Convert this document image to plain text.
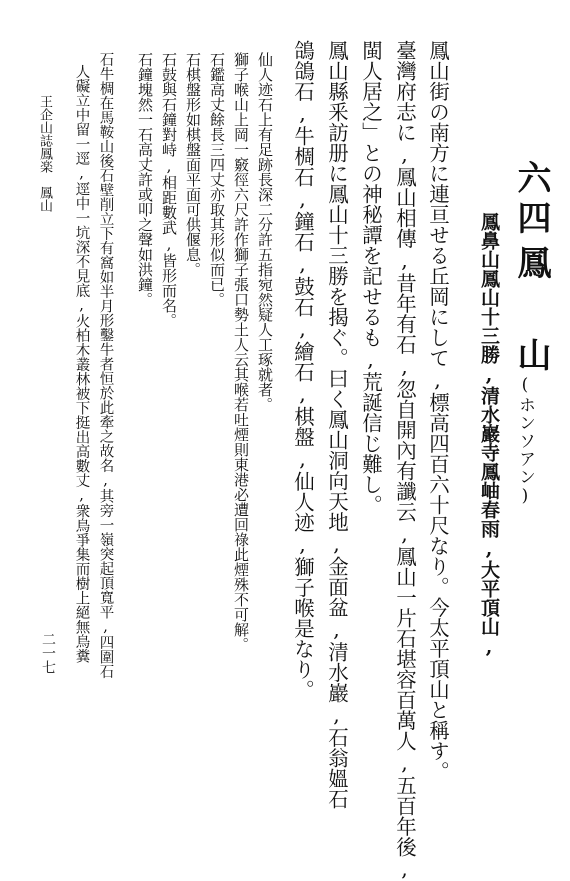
六四
鳳　山
(ホンソアン)
鳳鼻山鳳山十三勝,清水巖寺鳳岫春雨,大平頂山,
鳳山街の南方に連亘せる丘岡にして,標高四百六十尺なり。今太平頂山と稱す。
臺灣府志に,鳳山相傳,昔年有石,忽自開內有讖云,鳳山一片石堪容百萬人,五百年後,
閩人居之」との神秘譚を記せるも,荒誕信じ難し。
鳳山縣釆訪册に鳳山十三勝を揭ぐ。曰く鳳山洞向天地,金面盆,清水巖,石翁媼石
鴿鴿石,牛椆石,鐘石,鼓石,繪石,棋盤,仙人迹,獅子喉是なり。
仙人迹石上有足跡長深二分許五指宛然疑人工琢就者。
獅子喉山上岡一竅徑六尺許作獅子張口勢土人云其喉若吐煙則東港必遭回祿此煙殊不可解。
石鑑高丈餘長三四丈亦取其形似而已。
石棋盤形如棋盤面平面可供偃息。
石鼓與石鐘對峙,相距數武,皆形而名。
石鐘塊然一石高丈許或叩之聲如洪鐘。
石牛椆在馬鞍山後石壁削立下有窩如半月形鑿牛者恒於此牽之故名,其旁一嶺突起頂寬平,四圍石
人礙立中留一逕,逕中一坑深不見底,火柏木叢林被下挺出高數丈,衆鳥爭集而樹上絕無鳥糞
王企山誌鳳楽　鳳山
二一七
